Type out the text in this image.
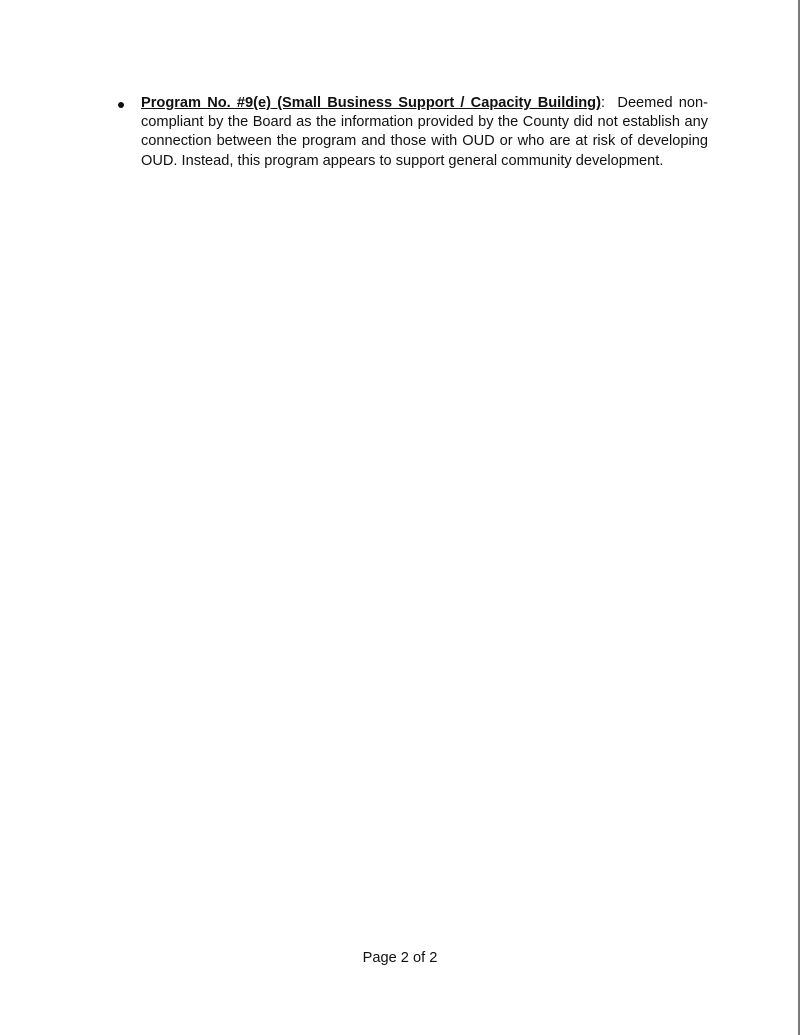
Program No. #9(e) (Small Business Support / Capacity Building): Deemed non-compliant by the Board as the information provided by the County did not establish any connection between the program and those with OUD or who are at risk of developing OUD. Instead, this program appears to support general community development.
Page 2 of 2
